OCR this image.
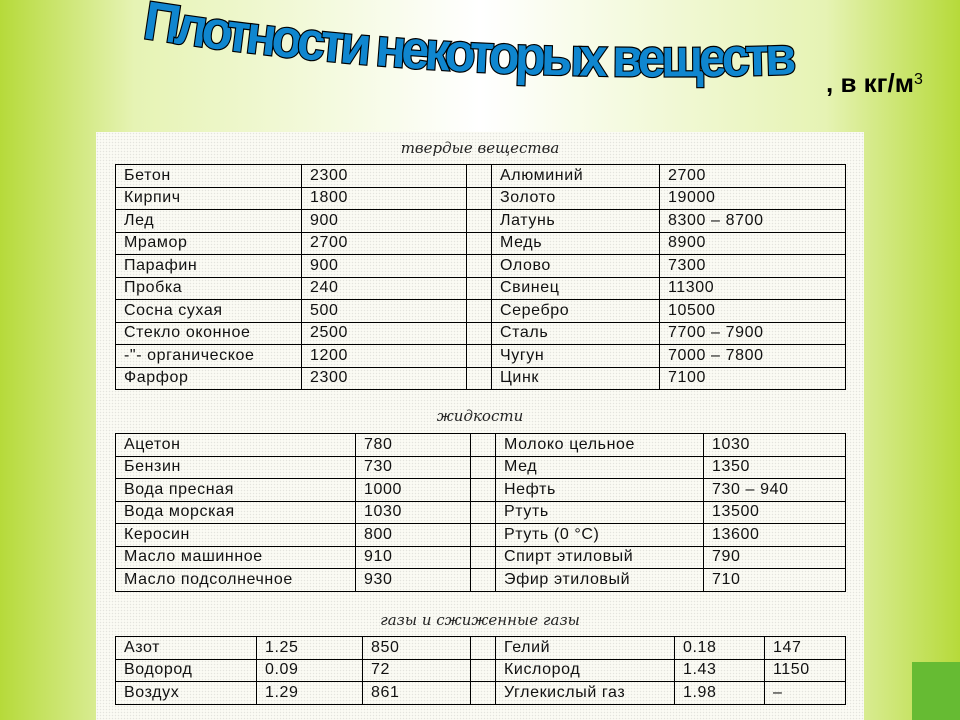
Плотности некоторых веществ , в $кг/м^3$
твердые вещества
Бетон	2300		Алюминий	2700
Кирпич	1800		Золото	19000
Лед	900		Латунь	8300 – 8700
Мрамор	2700		Медь	8900
Парафин	900		Олово	7300
Пробка	240		Свинец	11300
Сосна сухая	500		Серебро	10500
Стекло оконное	2500		Сталь	7700 – 7900
-"- органическое	1200		Чугун	7000 – 7800
Фарфор	2300		Цинк	7100
жидкости
Ацетон	780		Молоко цельное	1030
Бензин	730		Мед	1350
Вода пресная	1000		Нефть	730 – 940
Вода морская	1030		Ртуть	13500
Керосин	800		Ртуть (0 °C)	13600
Масло машинное	910		Спирт этиловый	790
Масло подсолнечное	930		Эфир этиловый	710
газы и сжиженные газы
Азот	1.25	850		Гелий	0.18	147
Водород	0.09	72		Кислород	1.43	1150
Воздух	1.29	861		Углекислый газ	1.98	–
